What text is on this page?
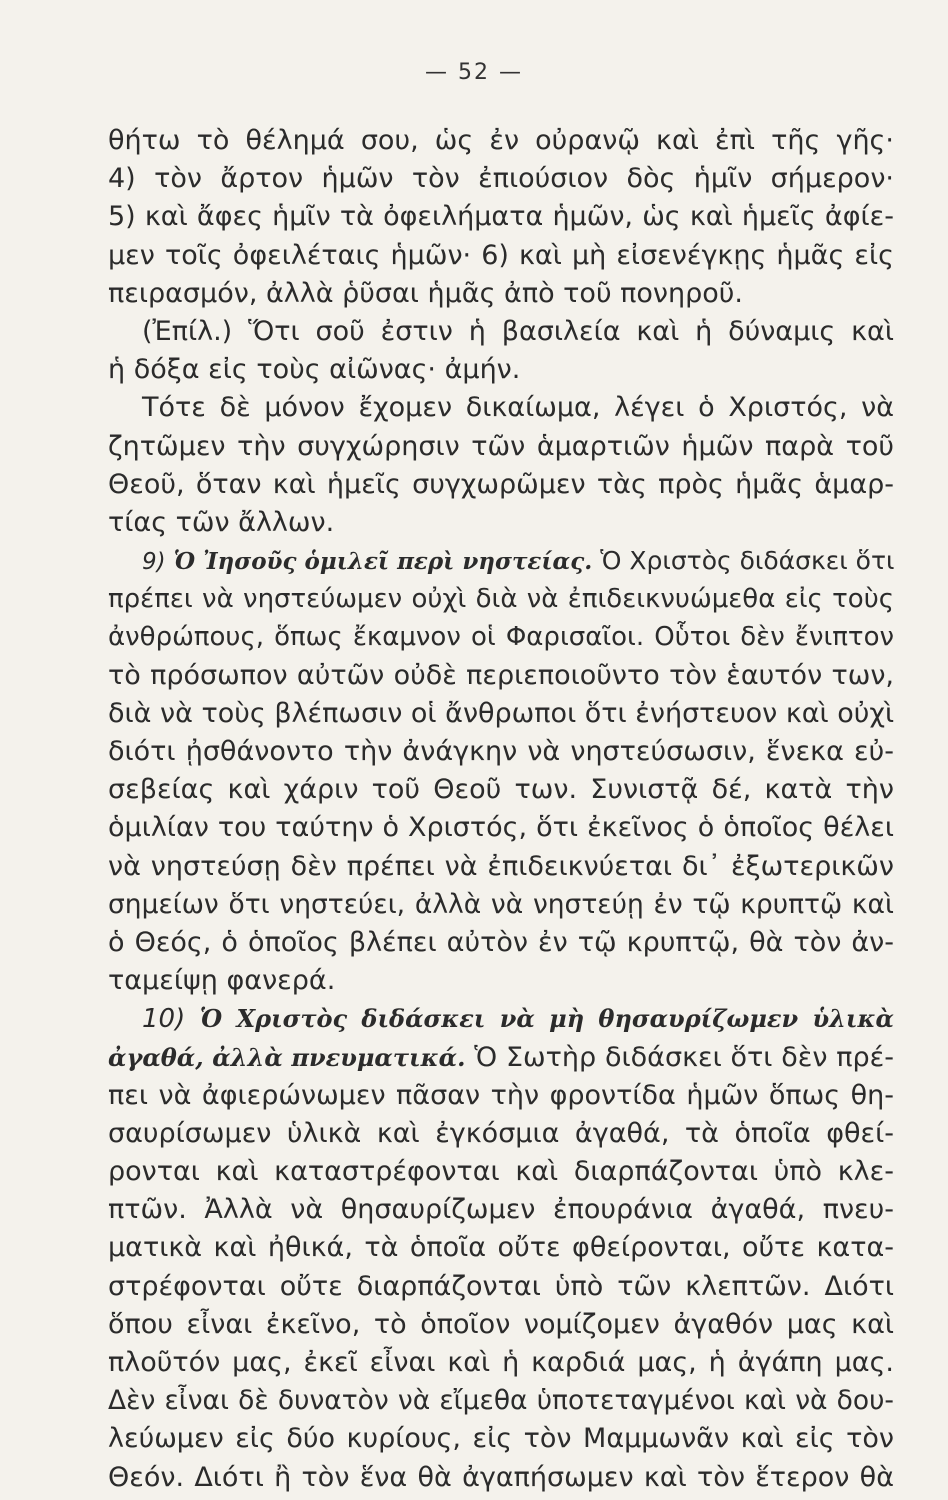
— 52 —
θήτω τὸ θέλημά σου, ὡς ἐν οὐρανῷ καὶ ἐπὶ τῆς γῆς·
4) τὸν ἄρτον ἡμῶν τὸν ἐπιούσιον δὸς ἡμῖν σήμερον·
5) καὶ ἄφες ἡμῖν τὰ ὀφειλήματα ἡμῶν, ὡς καὶ ἡμεῖς ἀφίε-
μεν τοῖς ὀφειλέταις ἡμῶν· 6) καὶ μὴ εἰσενέγκῃς ἡμᾶς εἰς
πειρασμόν, ἀλλὰ ῥῦσαι ἡμᾶς ἀπὸ τοῦ πονηροῦ.
(Ἐπίλ.) Ὅτι σοῦ ἐστιν ἡ βασιλεία καὶ ἡ δύναμις καὶ
ἡ δόξα εἰς τοὺς αἰῶνας· ἀμήν.
Τότε δὲ μόνον ἔχομεν δικαίωμα, λέγει ὁ Χριστός, νὰ
ζητῶμεν τὴν συγχώρησιν τῶν ἁμαρτιῶν ἡμῶν παρὰ τοῦ
Θεοῦ, ὅταν καὶ ἡμεῖς συγχωρῶμεν τὰς πρὸς ἡμᾶς ἁμαρ-
τίας τῶν ἄλλων.
9) Ὁ Ἰησοῦς ὁμιλεῖ περὶ νηστείας. Ὁ Χριστὸς διδάσκει ὅτι
πρέπει νὰ νηστεύωμεν οὐχὶ διὰ νὰ ἐπιδεικνυώμεθα εἰς τοὺς
ἀνθρώπους, ὅπως ἔκαμνον οἱ Φαρισαῖοι. Οὗτοι δὲν ἔνιπτον
τὸ πρόσωπον αὐτῶν οὐδὲ περιεποιοῦντο τὸν ἑαυτόν των,
διὰ νὰ τοὺς βλέπωσιν οἱ ἄνθρωποι ὅτι ἐνήστευον καὶ οὐχὶ
διότι ᾐσθάνοντο τὴν ἀνάγκην νὰ νηστεύσωσιν, ἕνεκα εὐ-
σεβείας καὶ χάριν τοῦ Θεοῦ των. Συνιστᾷ δέ, κατὰ τὴν
ὁμιλίαν του ταύτην ὁ Χριστός, ὅτι ἐκεῖνος ὁ ὁποῖος θέλει
νὰ νηστεύσῃ δὲν πρέπει νὰ ἐπιδεικνύεται δι᾽ ἐξωτερικῶν
σημείων ὅτι νηστεύει, ἀλλὰ νὰ νηστεύῃ ἐν τῷ κρυπτῷ καὶ
ὁ Θεός, ὁ ὁποῖος βλέπει αὐτὸν ἐν τῷ κρυπτῷ, θὰ τὸν ἀν-
ταμείψῃ φανερά.
10) Ὁ Χριστὸς διδάσκει νὰ μὴ θησαυρίζωμεν ὑλικὰ
ἀγαθά, ἀλλὰ πνευματικά. Ὁ Σωτὴρ διδάσκει ὅτι δὲν πρέ-
πει νὰ ἀφιερώνωμεν πᾶσαν τὴν φροντίδα ἡμῶν ὅπως θη-
σαυρίσωμεν ὑλικὰ καὶ ἐγκόσμια ἀγαθά, τὰ ὁποῖα φθεί-
ρονται καὶ καταστρέφονται καὶ διαρπάζονται ὑπὸ κλε-
πτῶν. Ἀλλὰ νὰ θησαυρίζωμεν ἐπουράνια ἀγαθά, πνευ-
ματικὰ καὶ ἠθικά, τὰ ὁποῖα οὔτε φθείρονται, οὔτε κατα-
στρέφονται οὔτε διαρπάζονται ὑπὸ τῶν κλεπτῶν. Διότι
ὅπου εἶναι ἐκεῖνο, τὸ ὁποῖον νομίζομεν ἀγαθόν μας καὶ
πλοῦτόν μας, ἐκεῖ εἶναι καὶ ἡ καρδιά μας, ἡ ἀγάπη μας.
Δὲν εἶναι δὲ δυνατὸν νὰ εἴμεθα ὑποτεταγμένοι καὶ νὰ δου-
λεύωμεν εἰς δύο κυρίους, εἰς τὸν Μαμμωνᾶν καὶ εἰς τὸν
Θεόν. Διότι ἢ τὸν ἕνα θὰ ἀγαπήσωμεν καὶ τὸν ἕτερον θὰ
